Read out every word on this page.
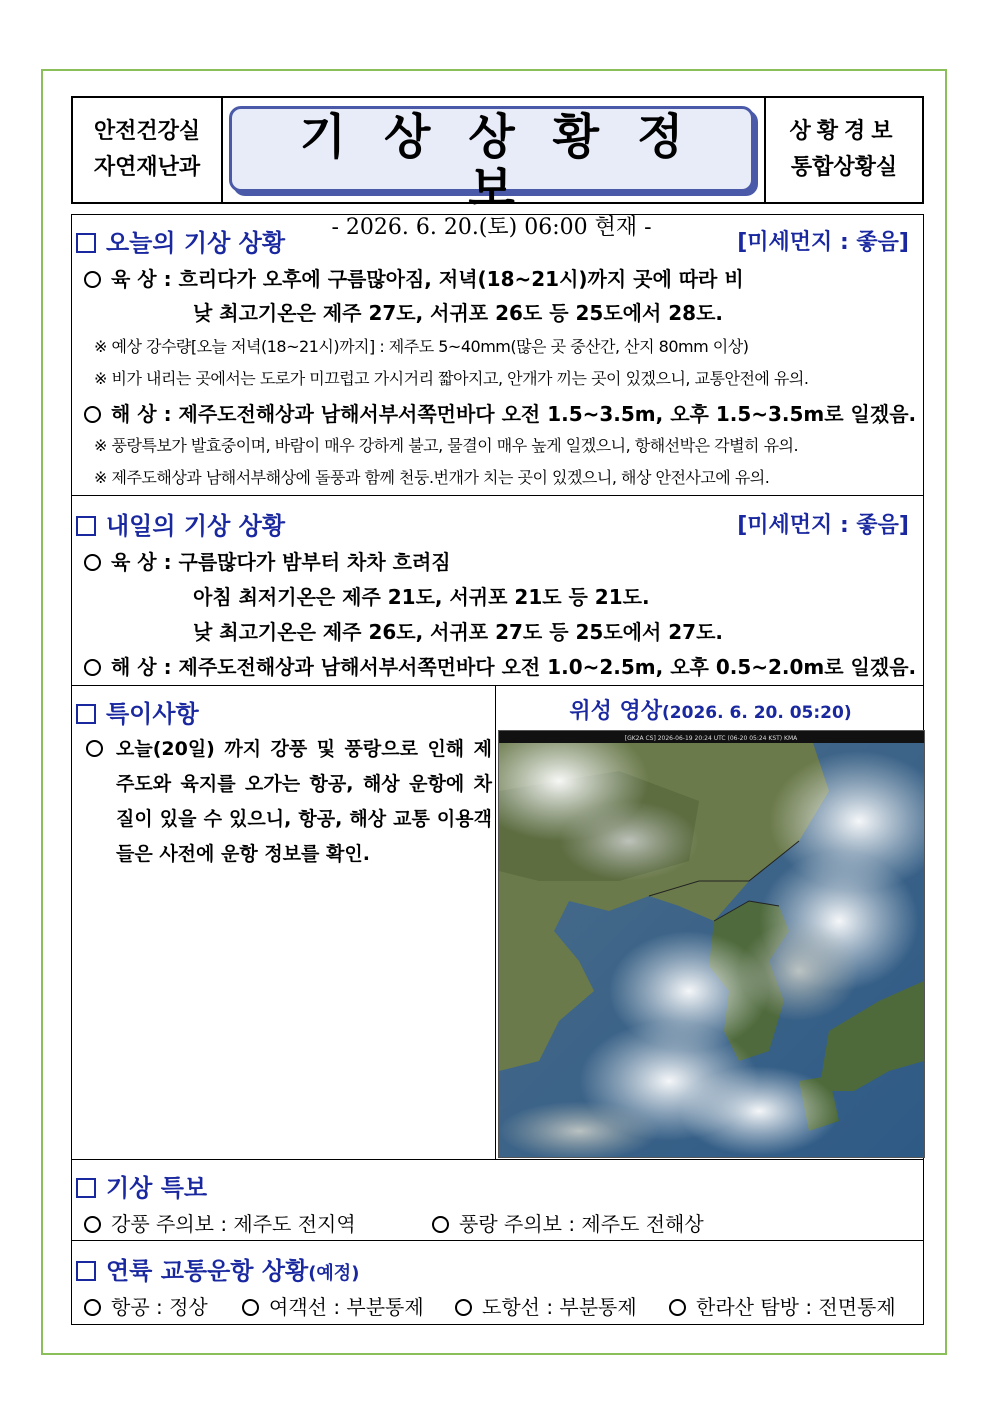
안전건강실
자연재난과
기상상황정보
- 2026. 6. 20.(토) 06:00 현재 -
상황경보
통합상황실
오늘의 기상 상황	[미세먼지 : 좋음]
육 상 : 흐리다가 오후에 구름많아짐, 저녁(18~21시)까지 곳에 따라 비
낮 최고기온은 제주 27도, 서귀포 26도 등 25도에서 28도.
※ 예상 강수량[오늘 저녁(18~21시)까지] : 제주도 5~40mm(많은 곳 중산간, 산지 80mm 이상)
※ 비가 내리는 곳에서는 도로가 미끄럽고 가시거리 짧아지고, 안개가 끼는 곳이 있겠으니, 교통안전에 유의.
해 상 : 제주도전해상과 남해서부서쪽먼바다 오전 1.5~3.5m, 오후 1.5~3.5m로 일겠음.
※ 풍랑특보가 발효중이며, 바람이 매우 강하게 불고, 물결이 매우 높게 일겠으니, 항해선박은 각별히 유의.
※ 제주도해상과 남해서부해상에 돌풍과 함께 천둥.번개가 치는 곳이 있겠으니, 해상 안전사고에 유의.
내일의 기상 상황	[미세먼지 : 좋음]
육 상 : 구름많다가 밤부터 차차 흐려짐
아침 최저기온은 제주 21도, 서귀포 21도 등 21도.
낮 최고기온은 제주 26도, 서귀포 27도 등 25도에서 27도.
해 상 : 제주도전해상과 남해서부서쪽먼바다 오전 1.0~2.5m, 오후 0.5~2.0m로 일겠음.
특이사항
오늘(20일) 까지 강풍 및 풍랑으로 인해 제주도와 육지를 오가는 항공, 해상 운항에 차질이 있을 수 있으니, 항공, 해상 교통 이용객들은 사전에 운항 정보를 확인.
위성 영상(2026. 6. 20. 05:20)
[GK2A CS] 2026-06-19 20:24 UTC (06-20 05:24 KST) KMA
기상 특보
강풍 주의보 : 제주도 전지역	풍랑 주의보 : 제주도 전해상
연륙 교통운항 상황(예정)
항공 : 정상	여객선 : 부분통제	도항선 : 부분통제	한라산 탐방 : 전면통제
